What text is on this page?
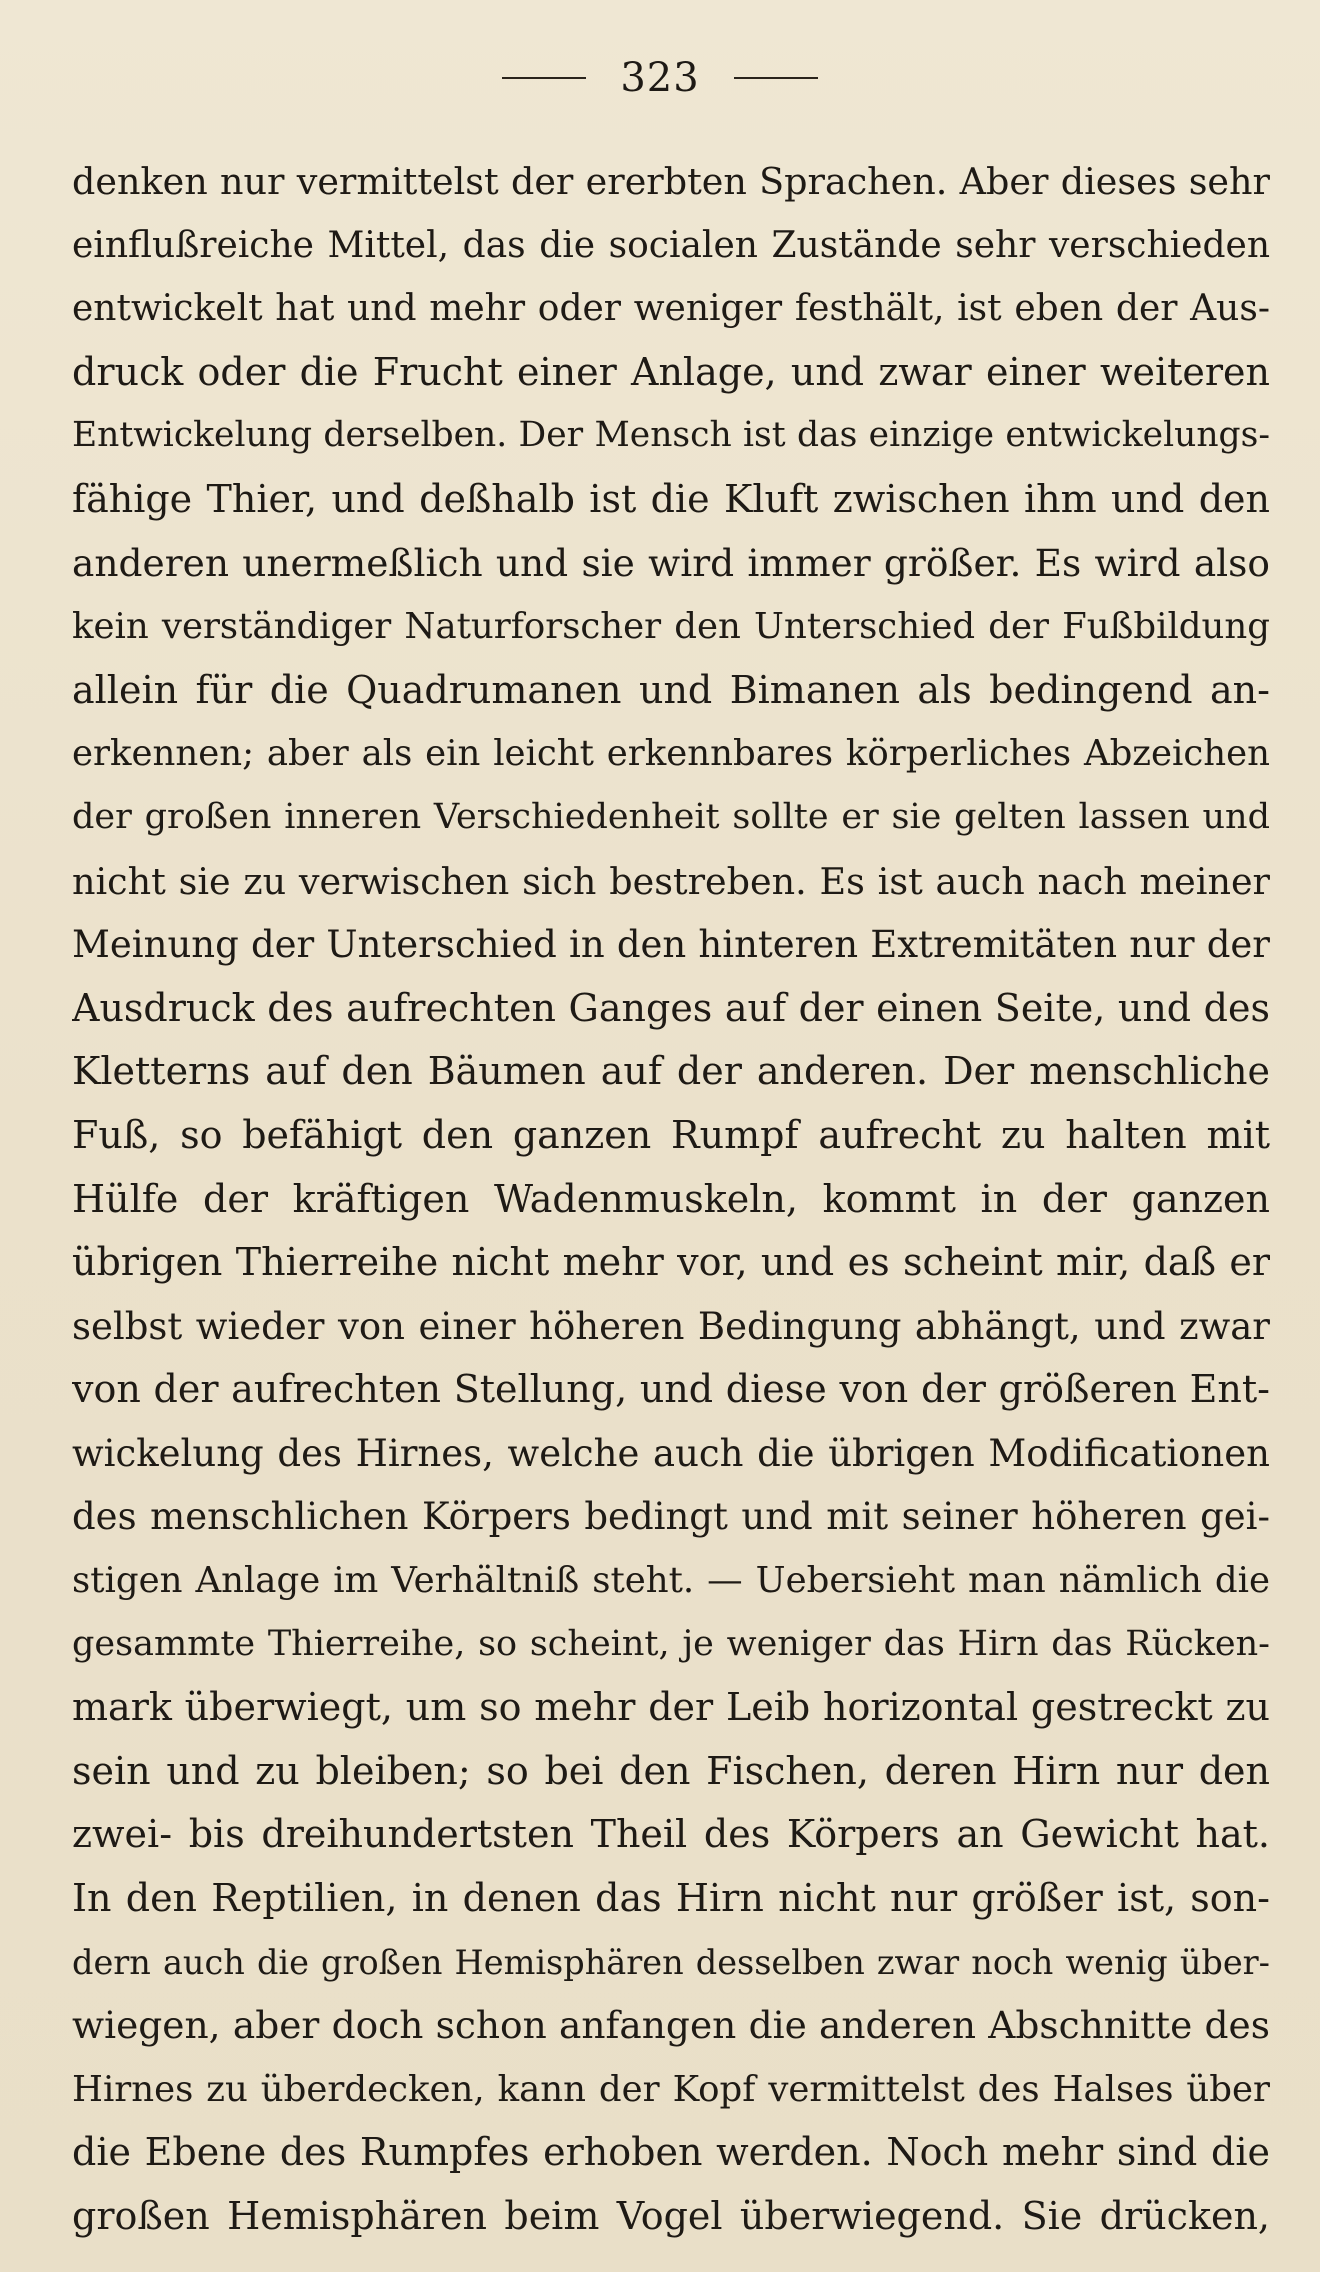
323
denken nur vermittelst der ererbten Sprachen. Aber dieses sehr
einflußreiche Mittel, das die socialen Zustände sehr verschieden
entwickelt hat und mehr oder weniger festhält, ist eben der Aus-
druck oder die Frucht einer Anlage, und zwar einer weiteren
Entwickelung derselben. Der Mensch ist das einzige entwickelungs-
fähige Thier, und deßhalb ist die Kluft zwischen ihm und den
anderen unermeßlich und sie wird immer größer. Es wird also
kein verständiger Naturforscher den Unterschied der Fußbildung
allein für die Quadrumanen und Bimanen als bedingend an-
erkennen; aber als ein leicht erkennbares körperliches Abzeichen
der großen inneren Verschiedenheit sollte er sie gelten lassen und
nicht sie zu verwischen sich bestreben. Es ist auch nach meiner
Meinung der Unterschied in den hinteren Extremitäten nur der
Ausdruck des aufrechten Ganges auf der einen Seite, und des
Kletterns auf den Bäumen auf der anderen. Der menschliche
Fuß, so befähigt den ganzen Rumpf aufrecht zu halten mit
Hülfe der kräftigen Wadenmuskeln, kommt in der ganzen
übrigen Thierreihe nicht mehr vor, und es scheint mir, daß er
selbst wieder von einer höheren Bedingung abhängt, und zwar
von der aufrechten Stellung, und diese von der größeren Ent-
wickelung des Hirnes, welche auch die übrigen Modificationen
des menschlichen Körpers bedingt und mit seiner höheren gei-
stigen Anlage im Verhältniß steht. — Uebersieht man nämlich die
gesammte Thierreihe, so scheint, je weniger das Hirn das Rücken-
mark überwiegt, um so mehr der Leib horizontal gestreckt zu
sein und zu bleiben; so bei den Fischen, deren Hirn nur den
zwei- bis dreihundertsten Theil des Körpers an Gewicht hat.
In den Reptilien, in denen das Hirn nicht nur größer ist, son-
dern auch die großen Hemisphären desselben zwar noch wenig über-
wiegen, aber doch schon anfangen die anderen Abschnitte des
Hirnes zu überdecken, kann der Kopf vermittelst des Halses über
die Ebene des Rumpfes erhoben werden. Noch mehr sind die
großen Hemisphären beim Vogel überwiegend. Sie drücken,
